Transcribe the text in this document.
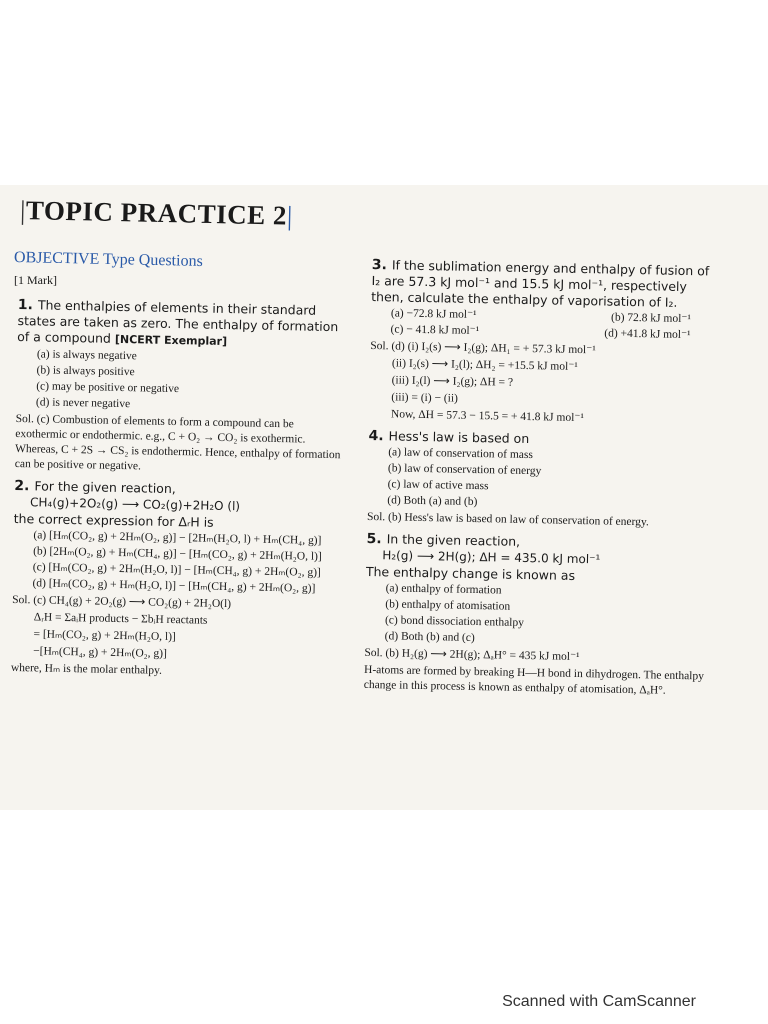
|TOPIC PRACTICE 2|
OBJECTIVE Type Questions
[1 Mark]
1. The enthalpies of elements in their standard states are taken as zero. The enthalpy of formation of a compound [NCERT Exemplar]
(a) is always negative
(b) is always positive
(c) may be positive or negative
(d) is never negative
Sol. (c) Combustion of elements to form a compound can be exothermic or endothermic. e.g., C + O₂ → CO₂ is exothermic. Whereas, C + 2S → CS₂ is endothermic. Hence, enthalpy of formation can be positive or negative.
2. For the given reaction,
CH₄(g)+2O₂(g) ⟶ CO₂(g)+2H₂O (l)
the correct expression for ΔᵣH is
(a) [Hₘ(CO₂, g) + 2Hₘ(O₂, g)] − [2Hₘ(H₂O, l) + Hₘ(CH₄, g)]
(b) [2Hₘ(O₂, g) + Hₘ(CH₄, g)] − [Hₘ(CO₂, g) + 2Hₘ(H₂O, l)]
(c) [Hₘ(CO₂, g) + 2Hₘ(H₂O, l)] − [Hₘ(CH₄, g) + 2Hₘ(O₂, g)]
(d) [Hₘ(CO₂, g) + Hₘ(H₂O, l)] − [Hₘ(CH₄, g) + 2Hₘ(O₂, g)]
Sol. (c) CH₄(g) + 2O₂(g) ⟶ CO₂(g) + 2H₂O(l)
ΔᵣH = ΣaᵢH products − ΣbᵢH reactants
= [Hₘ(CO₂, g) + 2Hₘ(H₂O, l)]
−[Hₘ(CH₄, g) + 2Hₘ(O₂, g)]
where, Hₘ is the molar enthalpy.
3. If the sublimation energy and enthalpy of fusion of I₂ are 57.3 kJ mol⁻¹ and 15.5 kJ mol⁻¹, respectively then, calculate the enthalpy of vaporisation of I₂.
(a) −72.8 kJ mol⁻¹	(b) 72.8 kJ mol⁻¹
(c) − 41.8 kJ mol⁻¹	(d) +41.8 kJ mol⁻¹
Sol. (d) (i) I₂(s) ⟶ I₂(g); ΔH₁ = + 57.3 kJ mol⁻¹
(ii) I₂(s) ⟶ I₂(l); ΔH₂ = +15.5 kJ mol⁻¹
(iii) I₂(l) ⟶ I₂(g); ΔH = ?
(iii) = (i) − (ii)
Now, ΔH = 57.3 − 15.5 = + 41.8 kJ mol⁻¹
4. Hess's law is based on
(a) law of conservation of mass
(b) law of conservation of energy
(c) law of active mass
(d) Both (a) and (b)
Sol. (b) Hess's law is based on law of conservation of energy.
5. In the given reaction,
H₂(g) ⟶ 2H(g); ΔH = 435.0 kJ mol⁻¹
The enthalpy change is known as
(a) enthalpy of formation
(b) enthalpy of atomisation
(c) bond dissociation enthalpy
(d) Both (b) and (c)
Sol. (b) H₂(g) ⟶ 2H(g); ΔₐH° = 435 kJ mol⁻¹
H-atoms are formed by breaking H—H bond in dihydrogen. The enthalpy change in this process is known as enthalpy of atomisation, ΔₐH°.
Scanned with CamScanner
